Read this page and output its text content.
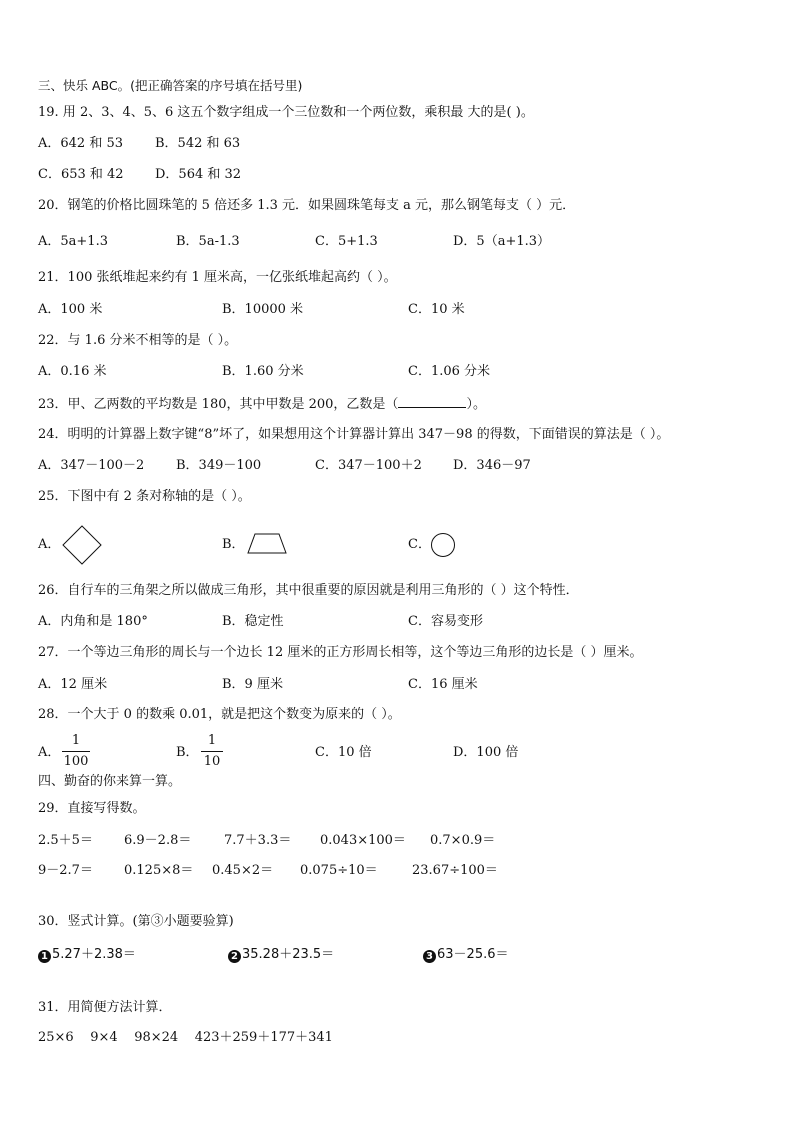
三、快乐 ABC。(把正确答案的序号填在括号里)
19. 用 2、3、4、5、6 这五个数字组成一个三位数和一个两位数，乘积最 大的是( )。
A．642 和 53 B．542 和 63
C．653 和 42 D．564 和 32
20．钢笔的价格比圆珠笔的 5 倍还多 1.3 元．如果圆珠笔每支 a 元，那么钢笔每支（ ）元．
A．5a+1.3	B．5a-1.3	C．5+1.3	D．5（a+1.3）
21．100 张纸堆起来约有 1 厘米高，一亿张纸堆起高约（ ）。
A．100 米	B．10000 米	C．10 米
22．与 1.6 分米不相等的是（ ）。
A．0.16 米	B．1.60 分米	C．1.06 分米
23．甲、乙两数的平均数是 180，其中甲数是 200，乙数是（	）。
24．明明的计算器上数字键“8”坏了，如果想用这个计算器计算出 347－98 的得数，下面错误的算法是（ ）。
A．347－100－2 B．349－100	C．347－100＋2 D．346－97
25．下图中有 2 条对称轴的是（ ）。
A．	B．	C．
26．自行车的三角架之所以做成三角形，其中很重要的原因就是利用三角形的（ ）这个特性．
A．内角和是 180°	B．稳定性	C．容易变形
27．一个等边三角形的周长与一个边长 12 厘米的正方形周长相等，这个等边三角形的边长是（ ）厘米。
A．12 厘米	B．9 厘米	C．16 厘米
28．一个大于 0 的数乘 0.01，就是把这个数变为原来的（ ）。
A．
1
100
B．
1
10
C．10 倍	D．100 倍
四、勤奋的你来算一算。
29．直接写得数。
2.5＋5＝ 6.9－2.8＝	7.7＋3.3＝ 0.043×100＝ 0.7×0.9＝
9－2.7＝ 0.125×8＝ 0.45×2＝ 0.075÷10＝	23.67÷100＝
30．竖式计算。(第③小题要验算)
1 5.27＋2.38＝	2 35.28＋23.5＝	3 63－25.6＝
31．用简便方法计算．
25×6    9×4    98×24    423＋259＋177＋341
